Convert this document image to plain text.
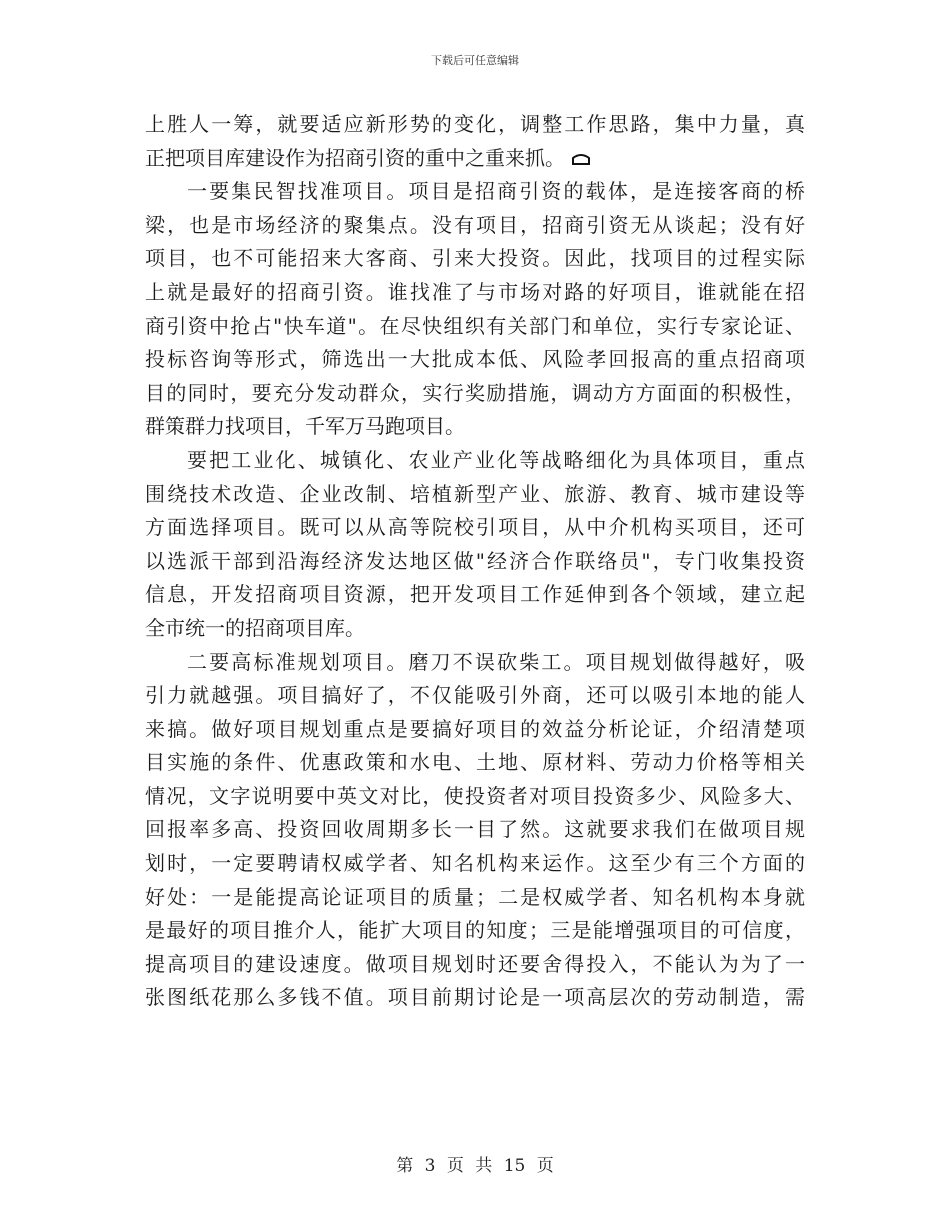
下载后可任意编辑
上胜人一筹，就要适应新形势的变化，调整工作思路，集中力量，真
正把项目库建设作为招商引资的重中之重来抓。
一要集民智找准项目。项目是招商引资的载体，是连接客商的桥
梁，也是市场经济的聚集点。没有项目，招商引资无从谈起；没有好
项目，也不可能招来大客商、引来大投资。因此，找项目的过程实际
上就是最好的招商引资。谁找准了与市场对路的好项目，谁就能在招
商引资中抢占"快车道"。在尽快组织有关部门和单位，实行专家论证、
投标咨询等形式，筛选出一大批成本低、风险孝回报高的重点招商项
目的同时，要充分发动群众，实行奖励措施，调动方方面面的积极性，
群策群力找项目，千军万马跑项目。
要把工业化、城镇化、农业产业化等战略细化为具体项目，重点
围绕技术改造、企业改制、培植新型产业、旅游、教育、城市建设等
方面选择项目。既可以从高等院校引项目，从中介机构买项目，还可
以选派干部到沿海经济发达地区做"经济合作联络员"，专门收集投资
信息，开发招商项目资源，把开发项目工作延伸到各个领域，建立起
全市统一的招商项目库。
二要高标准规划项目。磨刀不误砍柴工。项目规划做得越好，吸
引力就越强。项目搞好了，不仅能吸引外商，还可以吸引本地的能人
来搞。做好项目规划重点是要搞好项目的效益分析论证，介绍清楚项
目实施的条件、优惠政策和水电、土地、原材料、劳动力价格等相关
情况，文字说明要中英文对比，使投资者对项目投资多少、风险多大、
回报率多高、投资回收周期多长一目了然。这就要求我们在做项目规
划时，一定要聘请权威学者、知名机构来运作。这至少有三个方面的
好处：一是能提高论证项目的质量；二是权威学者、知名机构本身就
是最好的项目推介人，能扩大项目的知度；三是能增强项目的可信度，
提高项目的建设速度。做项目规划时还要舍得投入，不能认为为了一
张图纸花那么多钱不值。项目前期讨论是一项高层次的劳动制造，需
第 3 页 共 15 页
